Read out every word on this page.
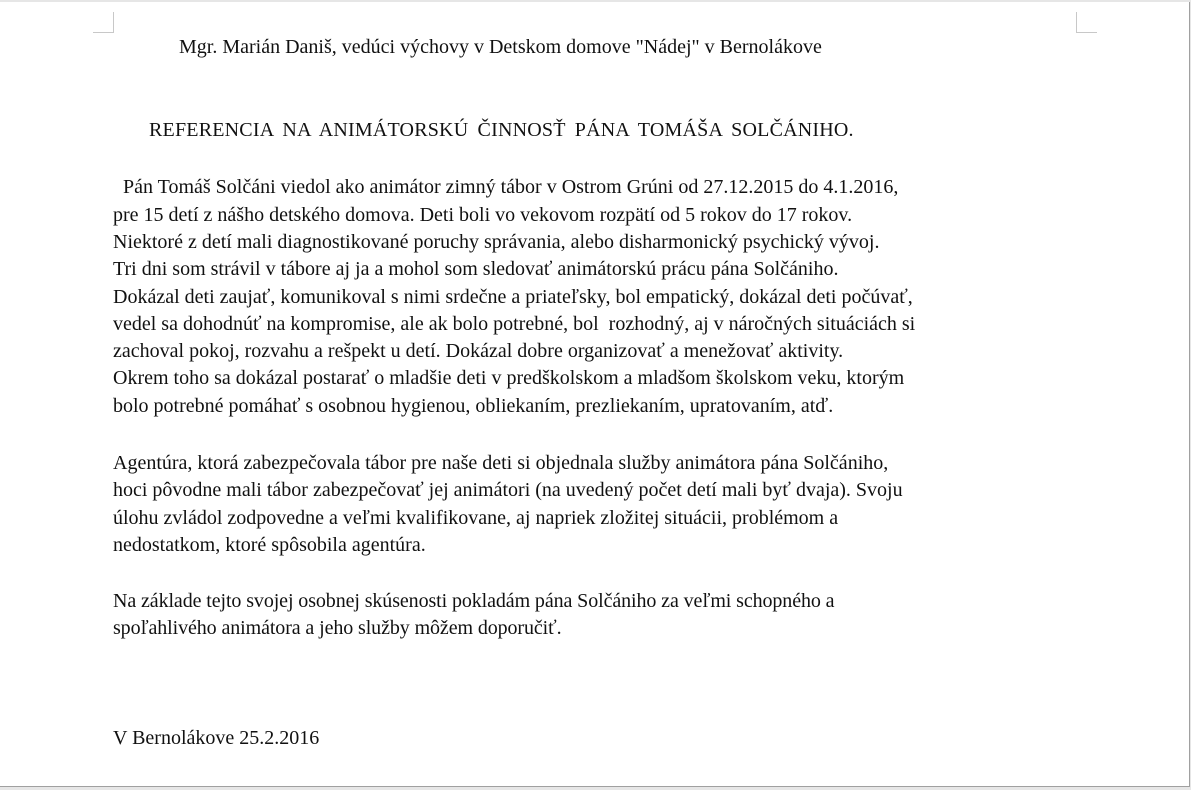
Mgr. Marián Daniš, vedúci výchovy v Detskom domove "Nádej" v Bernolákove
REFERENCIA NA ANIMÁTORSKÚ ČINNOSŤ PÁNA TOMÁŠA SOLČÁNIHO.
Pán Tomáš Solčáni viedol ako animátor zimný tábor v Ostrom Grúni od 27.12.2015 do 4.1.2016,
pre 15 detí z nášho detského domova. Deti boli vo vekovom rozpätí od 5 rokov do 17 rokov.
Niektoré z detí mali diagnostikované poruchy správania, alebo disharmonický psychický vývoj.
Tri dni som strávil v tábore aj ja a mohol som sledovať animátorskú prácu pána Solčániho.
Dokázal deti zaujať, komunikoval s nimi srdečne a priateľsky, bol empatický, dokázal deti počúvať,
vedel sa dohodnúť na kompromise, ale ak bolo potrebné, bol  rozhodný, aj v náročných situáciách si
zachoval pokoj, rozvahu a rešpekt u detí. Dokázal dobre organizovať a menežovať aktivity.
Okrem toho sa dokázal postarať o mladšie deti v predškolskom a mladšom školskom veku, ktorým
bolo potrebné pomáhať s osobnou hygienou, obliekaním, prezliekaním, upratovaním, atď.
Agentúra, ktorá zabezpečovala tábor pre naše deti si objednala služby animátora pána Solčániho,
hoci pôvodne mali tábor zabezpečovať jej animátori (na uvedený počet detí mali byť dvaja). Svoju
úlohu zvládol zodpovedne a veľmi kvalifikovane, aj napriek zložitej situácii, problémom a
nedostatkom, ktoré spôsobila agentúra.
Na základe tejto svojej osobnej skúsenosti pokladám pána Solčániho za veľmi schopného a
spoľahlivého animátora a jeho služby môžem doporučiť.
V Bernolákove 25.2.2016
